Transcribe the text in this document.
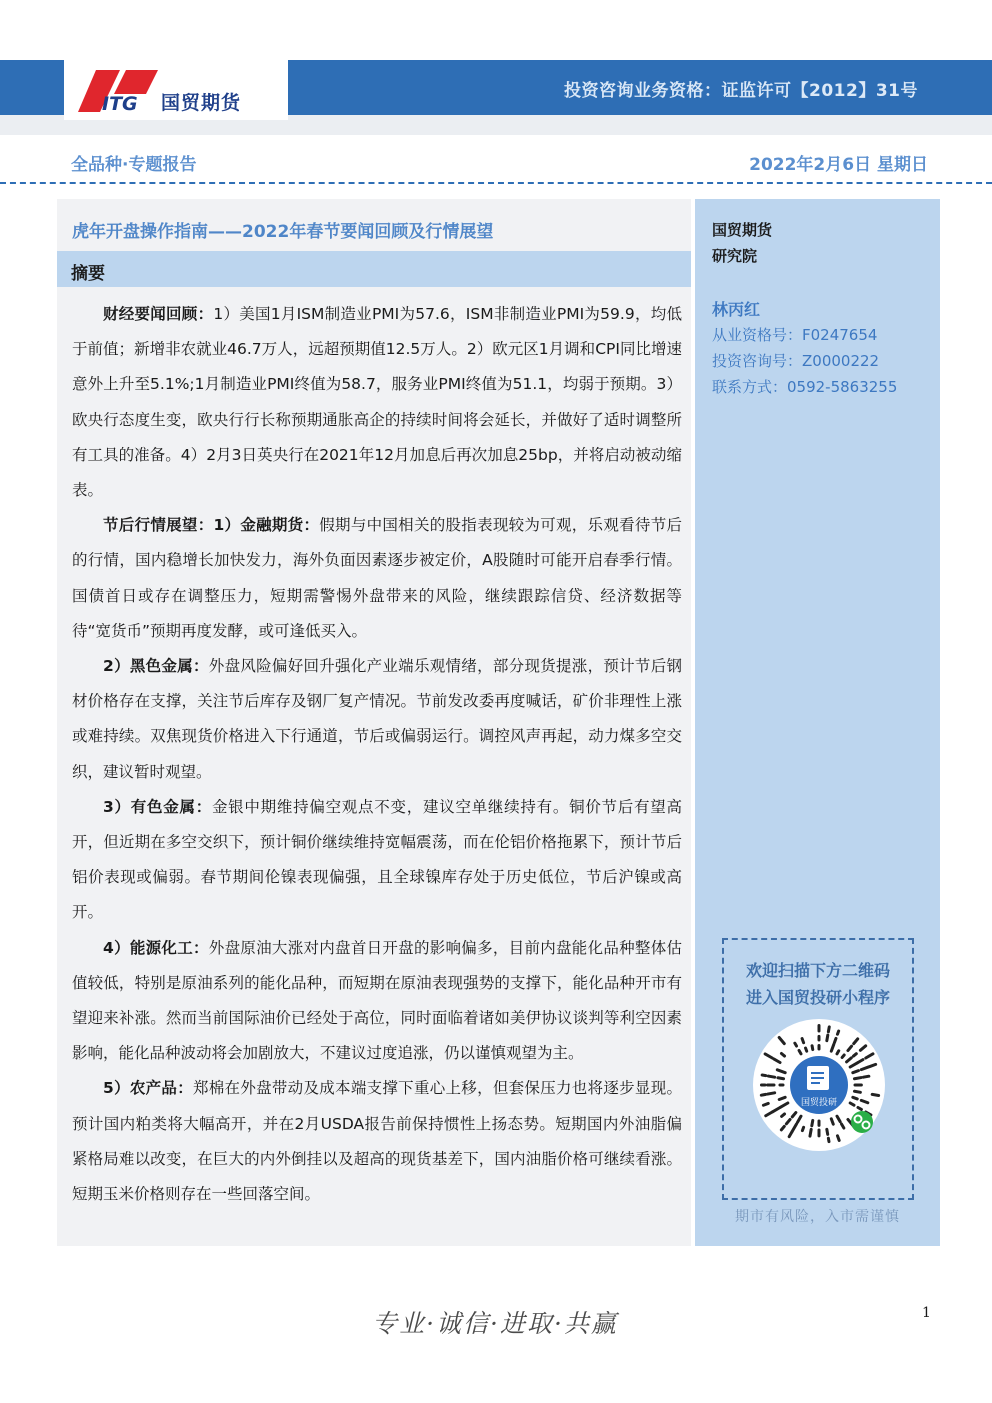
ITG 国贸期货
投资咨询业务资格：证监许可【2012】31号
全品种·专题报告	2022年2月6日 星期日
虎年开盘操作指南——2022年春节要闻回顾及行情展望
摘要

财经要闻回顾：1）美国1月ISM制造业PMI为57.6，ISM非制造业PMI为59.9，均低于前值；新增非农就业46.7万人，远超预期值12.5万人。2）欧元区1月调和CPI同比增速意外上升至5.1%;1月制造业PMI终值为58.7，服务业PMI终值为51.1，均弱于预期。3）欧央行态度生变，欧央行行长称预期通胀高企的持续时间将会延长，并做好了适时调整所有工具的准备。4）2月3日英央行在2021年12月加息后再次加息25bp，并将启动被动缩表。

节后行情展望：1）金融期货：假期与中国相关的股指表现较为可观，乐观看待节后的行情，国内稳增长加快发力，海外负面因素逐步被定价，A股随时可能开启春季行情。国债首日或存在调整压力，短期需警惕外盘带来的风险，继续跟踪信贷、经济数据等待“宽货币”预期再度发酵，或可逢低买入。

2）黑色金属：外盘风险偏好回升强化产业端乐观情绪，部分现货提涨，预计节后钢材价格存在支撑，关注节后库存及钢厂复产情况。节前发改委再度喊话，矿价非理性上涨或难持续。双焦现货价格进入下行通道，节后或偏弱运行。调控风声再起，动力煤多空交织，建议暂时观望。

3）有色金属：金银中期维持偏空观点不变，建议空单继续持有。铜价节后有望高开，但近期在多空交织下，预计铜价继续维持宽幅震荡，而在伦铝价格拖累下，预计节后铝价表现或偏弱。春节期间伦镍表现偏强，且全球镍库存处于历史低位，节后沪镍或高开。

4）能源化工：外盘原油大涨对内盘首日开盘的影响偏多，目前内盘能化品种整体估值较低，特别是原油系列的能化品种，而短期在原油表现强势的支撑下，能化品种开市有望迎来补涨。然而当前国际油价已经处于高位，同时面临着诸如美伊协议谈判等利空因素影响，能化品种波动将会加剧放大，不建议过度追涨，仍以谨慎观望为主。

5）农产品：郑棉在外盘带动及成本端支撑下重心上移，但套保压力也将逐步显现。预计国内粕类将大幅高开，并在2月USDA报告前保持惯性上扬态势。短期国内外油脂偏紧格局难以改变，在巨大的内外倒挂以及超高的现货基差下，国内油脂价格可继续看涨。短期玉米价格则存在一些回落空间。

国贸期货
研究院
林丙红
从业资格号：F0247654
投资咨询号：Z0000222
联系方式：0592-5863255
欢迎扫描下方二维码
进入国贸投研小程序
国贸投研
期市有风险，入市需谨慎
专业·诚信·进取·共赢	1
